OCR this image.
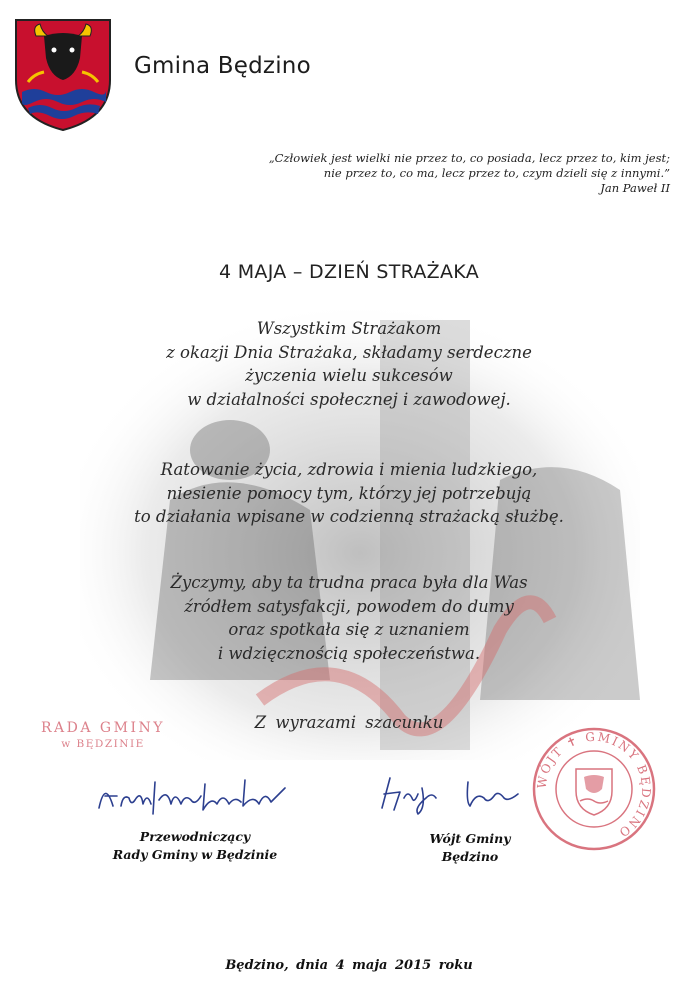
Gmina Będzino
„Człowiek jest wielki nie przez to, co posiada, lecz przez to, kim jest;
nie przez to, co ma, lecz przez to, czym dzieli się z innymi.”
Jan Paweł II
4 MAJA – DZIEŃ STRAŻAKA
Wszystkim Strażakom
z okazji Dnia Strażaka, składamy serdeczne
życzenia wielu sukcesów
w działalności społecznej i zawodowej.
Ratowanie życia, zdrowia i mienia ludzkiego,
niesienie pomocy tym, którzy jej potrzebują
to działania wpisane w codzienną strażacką służbę.
Życzymy, aby ta trudna praca była dla Was
źródłem satysfakcji, powodem do dumy
oraz spotkała się z uznaniem
i wdzięcznością społeczeństwa.
Z wyrazami szacunku
RADA GMINY
w BĘDZINIE
WÓJT ✝ GMINY BĘDZINO
Przewodniczący
Rady Gminy w Będzinie
Wójt Gminy
Będzino
Będzino, dnia 4 maja 2015 roku
